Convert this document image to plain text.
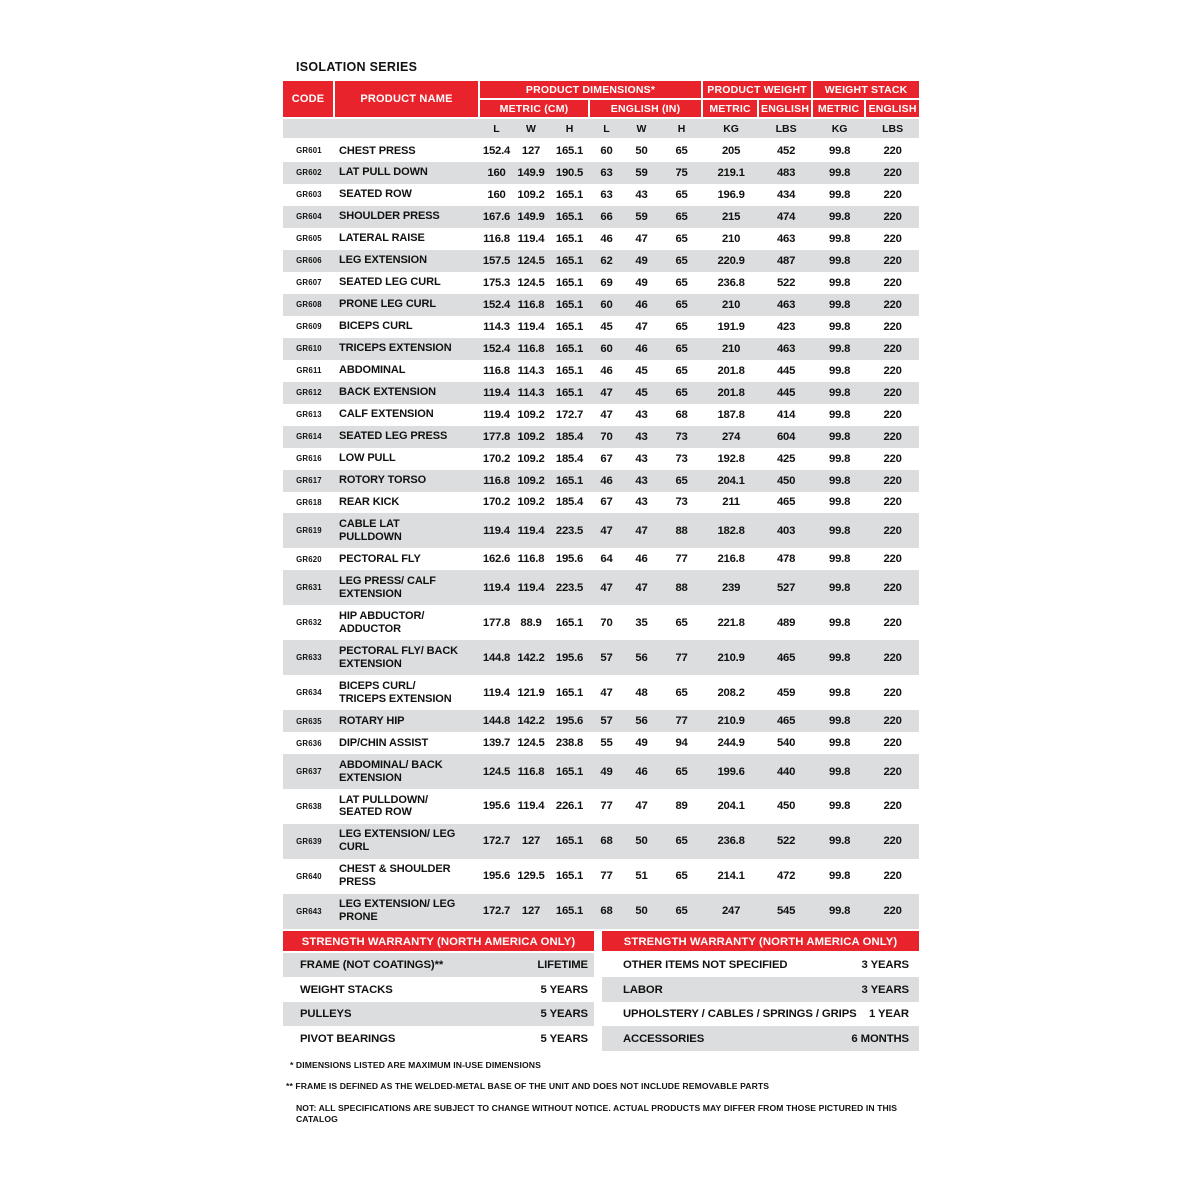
ISOLATION SERIES
CODE	PRODUCT NAME	PRODUCT DIMENSIONS*						PRODUCT WEIGHT		WEIGHT STACK	
		METRIC (CM)			ENGLISH (IN)			METRIC	ENGLISH	METRIC	ENGLISH
		L	W	H	L	W	H	KG	LBS	KG	LBS
GR601	CHEST PRESS	152.4	127	165.1	60	50	65	205	452	99.8	220
GR602	LAT PULL DOWN	160	149.9	190.5	63	59	75	219.1	483	99.8	220
GR603	SEATED ROW	160	109.2	165.1	63	43	65	196.9	434	99.8	220
GR604	SHOULDER PRESS	167.6	149.9	165.1	66	59	65	215	474	99.8	220
GR605	LATERAL RAISE	116.8	119.4	165.1	46	47	65	210	463	99.8	220
GR606	LEG EXTENSION	157.5	124.5	165.1	62	49	65	220.9	487	99.8	220
GR607	SEATED LEG CURL	175.3	124.5	165.1	69	49	65	236.8	522	99.8	220
GR608	PRONE LEG CURL	152.4	116.8	165.1	60	46	65	210	463	99.8	220
GR609	BICEPS CURL	114.3	119.4	165.1	45	47	65	191.9	423	99.8	220
GR610	TRICEPS EXTENSION	152.4	116.8	165.1	60	46	65	210	463	99.8	220
GR611	ABDOMINAL	116.8	114.3	165.1	46	45	65	201.8	445	99.8	220
GR612	BACK EXTENSION	119.4	114.3	165.1	47	45	65	201.8	445	99.8	220
GR613	CALF EXTENSION	119.4	109.2	172.7	47	43	68	187.8	414	99.8	220
GR614	SEATED LEG PRESS	177.8	109.2	185.4	70	43	73	274	604	99.8	220
GR616	LOW PULL	170.2	109.2	185.4	67	43	73	192.8	425	99.8	220
GR617	ROTORY TORSO	116.8	109.2	165.1	46	43	65	204.1	450	99.8	220
GR618	REAR KICK	170.2	109.2	185.4	67	43	73	211	465	99.8	220
GR619	CABLE LAT PULLDOWN	119.4	119.4	223.5	47	47	88	182.8	403	99.8	220
GR620	PECTORAL FLY	162.6	116.8	195.6	64	46	77	216.8	478	99.8	220
GR631	LEG PRESS/ CALF EXTENSION	119.4	119.4	223.5	47	47	88	239	527	99.8	220
GR632	HIP ABDUCTOR/ ADDUCTOR	177.8	88.9	165.1	70	35	65	221.8	489	99.8	220
GR633	PECTORAL FLY/ BACK EXTENSION	144.8	142.2	195.6	57	56	77	210.9	465	99.8	220
GR634	BICEPS CURL/ TRICEPS EXTENSION	119.4	121.9	165.1	47	48	65	208.2	459	99.8	220
GR635	ROTARY HIP	144.8	142.2	195.6	57	56	77	210.9	465	99.8	220
GR636	DIP/CHIN ASSIST	139.7	124.5	238.8	55	49	94	244.9	540	99.8	220
GR637	ABDOMINAL/ BACK EXTENSION	124.5	116.8	165.1	49	46	65	199.6	440	99.8	220
GR638	LAT PULLDOWN/ SEATED ROW	195.6	119.4	226.1	77	47	89	204.1	450	99.8	220
GR639	LEG EXTENSION/ LEG CURL	172.7	127	165.1	68	50	65	236.8	522	99.8	220
GR640	CHEST & SHOULDER PRESS	195.6	129.5	165.1	77	51	65	214.1	472	99.8	220
GR643	LEG EXTENSION/ LEG PRONE	172.7	127	165.1	68	50	65	247	545	99.8	220
STRENGTH WARRANTY (NORTH AMERICA ONLY)
FRAME (NOT COATINGS)**	LIFETIME
WEIGHT STACKS	5 YEARS
PULLEYS	5 YEARS
PIVOT BEARINGS	5 YEARS
STRENGTH WARRANTY (NORTH AMERICA ONLY)
OTHER ITEMS NOT SPECIFIED	3 YEARS
LABOR	3 YEARS
UPHOLSTERY / CABLES / SPRINGS / GRIPS 1 YEAR
ACCESSORIES	6 MONTHS
* DIMENSIONS LISTED ARE MAXIMUM IN-USE DIMENSIONS
** FRAME IS DEFINED AS THE WELDED-METAL BASE OF THE UNIT AND DOES NOT INCLUDE REMOVABLE PARTS
NOT: ALL SPECIFICATIONS ARE SUBJECT TO CHANGE WITHOUT NOTICE. ACTUAL PRODUCTS MAY DIFFER FROM THOSE PICTURED IN THIS CATALOG
